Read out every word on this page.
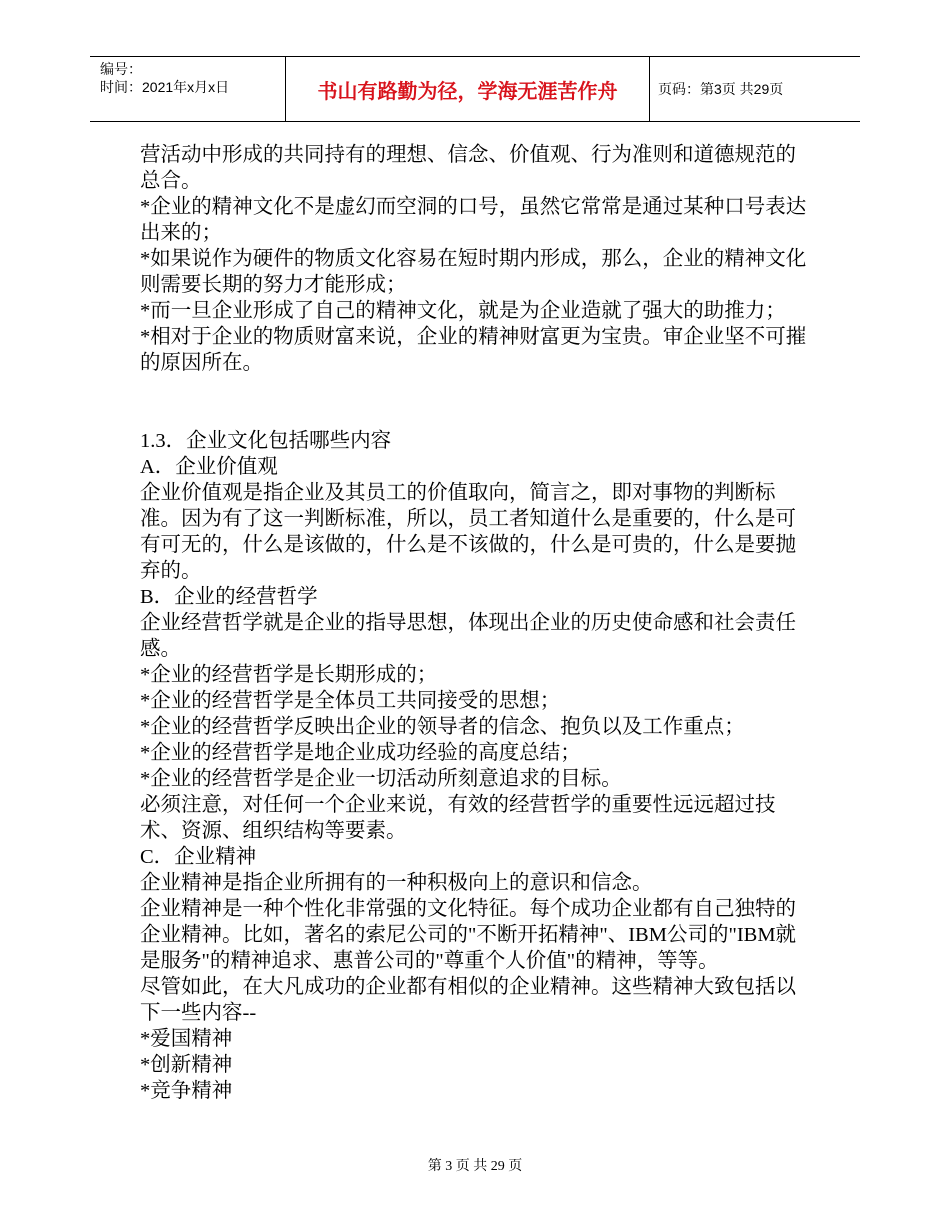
编号：
时间：2021年x月x日	书山有路勤为径，学海无涯苦作舟	页码：第3页 共29页

营活动中形成的共同持有的理想、信念、价值观、行为准则和道德规范的总合。

*企业的精神文化不是虚幻而空洞的口号，虽然它常常是通过某种口号表达出来的；

*如果说作为硬件的物质文化容易在短时期内形成，那么，企业的精神文化则需要长期的努力才能形成；

*而一旦企业形成了自己的精神文化，就是为企业造就了强大的助推力；

*相对于企业的物质财富来说，企业的精神财富更为宝贵。审企业坚不可摧的原因所在。

1.3．企业文化包括哪些内容

A．企业价值观

企业价值观是指企业及其员工的价值取向，简言之，即对事物的判断标准。因为有了这一判断标准，所以，员工者知道什么是重要的，什么是可有可无的，什么是该做的，什么是不该做的，什么是可贵的，什么是要抛弃的。

B．企业的经营哲学

企业经营哲学就是企业的指导思想，体现出企业的历史使命感和社会责任感。

*企业的经营哲学是长期形成的；

*企业的经营哲学是全体员工共同接受的思想；

*企业的经营哲学反映出企业的领导者的信念、抱负以及工作重点；

*企业的经营哲学是地企业成功经验的高度总结；

*企业的经营哲学是企业一切活动所刻意追求的目标。

必须注意，对任何一个企业来说，有效的经营哲学的重要性远远超过技术、资源、组织结构等要素。

C．企业精神

企业精神是指企业所拥有的一种积极向上的意识和信念。

企业精神是一种个性化非常强的文化特征。每个成功企业都有自己独特的企业精神。比如，著名的索尼公司的"不断开拓精神"、IBM公司的"IBM就是服务"的精神追求、惠普公司的"尊重个人价值"的精神，等等。

尽管如此，在大凡成功的企业都有相似的企业精神。这些精神大致包括以下一些内容--

*爱国精神

*创新精神

*竞争精神

第 3 页 共 29 页
